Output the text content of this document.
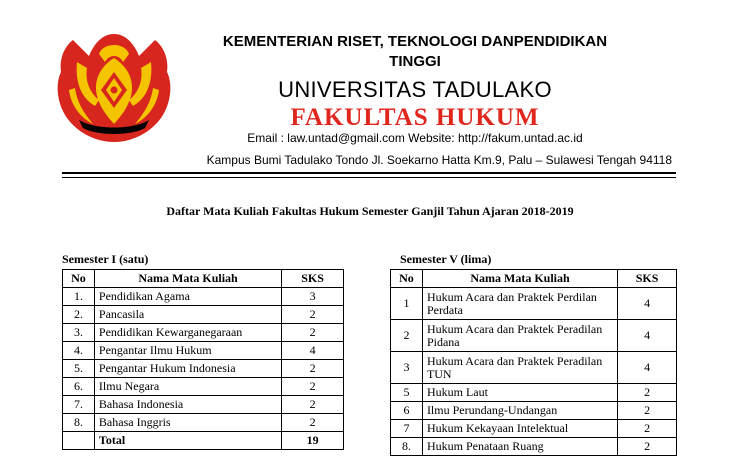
KEMENTERIAN RISET, TEKNOLOGI DANPENDIDIKAN
TINGGI
UNIVERSITAS TADULAKO
FAKULTAS HUKUM
Email : law.untad@gmail.com Website: http://fakum.untad.ac.id
Kampus Bumi Tadulako Tondo Jl. Soekarno Hatta Km.9, Palu – Sulawesi Tengah 94118
Daftar Mata Kuliah Fakultas Hukum Semester Ganjil Tahun Ajaran 2018-2019
Semester I (satu)
No	Nama Mata Kuliah	SKS
1.	Pendidikan Agama	3
2.	Pancasila	2
3.	Pendidikan Kewarganegaraan	2
4.	Pengantar Ilmu Hukum	4
5.	Pengantar Hukum Indonesia	2
6.	Ilmu Negara	2
7.	Bahasa Indonesia	2
8.	Bahasa Inggris	2
	Total	19
Semester V (lima)
No	Nama Mata Kuliah	SKS
1	Hukum Acara dan Praktek Perdilan Perdata	4
2	Hukum Acara dan Praktek Peradilan Pidana	4
3	Hukum Acara dan Praktek Peradilan TUN	4
5	Hukum Laut	2
6	Ilmu Perundang-Undangan	2
7	Hukum Kekayaan Intelektual	2
8.	Hukum Penataan Ruang	2
